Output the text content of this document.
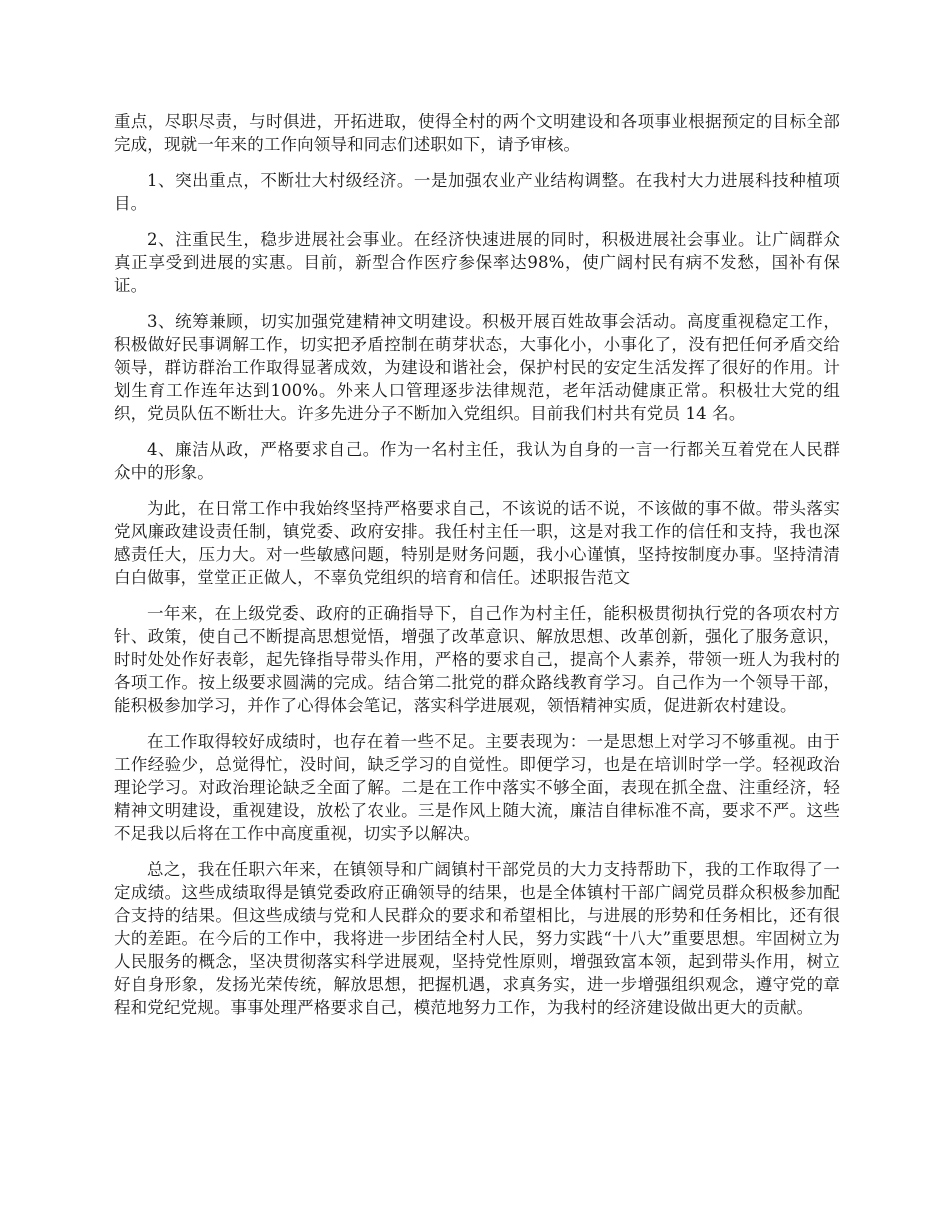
重点，尽职尽责，与时俱进，开拓进取，使得全村的两个文明建设和各项事业根据预定的目标全部完成，现就一年来的工作向领导和同志们述职如下，请予审核。

1、突出重点，不断壮大村级经济。一是加强农业产业结构调整。在我村大力进展科技种植项目。

2、注重民生，稳步进展社会事业。在经济快速进展的同时，积极进展社会事业。让广阔群众真正享受到进展的实惠。目前，新型合作医疗参保率达98%，使广阔村民有病不发愁，国补有保证。

3、统筹兼顾，切实加强党建精神文明建设。积极开展百姓故事会活动。高度重视稳定工作，积极做好民事调解工作，切实把矛盾控制在萌芽状态，大事化小，小事化了，没有把任何矛盾交给领导，群访群治工作取得显著成效，为建设和谐社会，保护村民的安定生活发挥了很好的作用。计划生育工作连年达到100%。外来人口管理逐步法律规范，老年活动健康正常。积极壮大党的组织，党员队伍不断壮大。许多先进分子不断加入党组织。目前我们村共有党员 14 名。

4、廉洁从政，严格要求自己。作为一名村主任，我认为自身的一言一行都关互着党在人民群众中的形象。

为此，在日常工作中我始终坚持严格要求自己，不该说的话不说，不该做的事不做。带头落实党风廉政建设责任制，镇党委、政府安排。我任村主任一职，这是对我工作的信任和支持，我也深感责任大，压力大。对一些敏感问题，特别是财务问题，我小心谨慎，坚持按制度办事。坚持清清白白做事，堂堂正正做人，不辜负党组织的培育和信任。述职报告范文

一年来，在上级党委、政府的正确指导下，自己作为村主任，能积极贯彻执行党的各项农村方针、政策，使自己不断提高思想觉悟，增强了改革意识、解放思想、改革创新，强化了服务意识，时时处处作好表彰，起先锋指导带头作用，严格的要求自己，提高个人素养，带领一班人为我村的各项工作。按上级要求圆满的完成。结合第二批党的群众路线教育学习。自己作为一个领导干部，能积极参加学习，并作了心得体会笔记，落实科学进展观，领悟精神实质，促进新农村建设。

在工作取得较好成绩时，也存在着一些不足。主要表现为：一是思想上对学习不够重视。由于工作经验少，总觉得忙，没时间，缺乏学习的自觉性。即便学习，也是在培训时学一学。轻视政治理论学习。对政治理论缺乏全面了解。二是在工作中落实不够全面，表现在抓全盘、注重经济，轻精神文明建设，重视建设，放松了农业。三是作风上随大流，廉洁自律标准不高，要求不严。这些不足我以后将在工作中高度重视，切实予以解决。

总之，我在任职六年来，在镇领导和广阔镇村干部党员的大力支持帮助下，我的工作取得了一定成绩。这些成绩取得是镇党委政府正确领导的结果，也是全体镇村干部广阔党员群众积极参加配合支持的结果。但这些成绩与党和人民群众的要求和希望相比，与进展的形势和任务相比，还有很大的差距。在今后的工作中，我将进一步团结全村人民，努力实践“十八大”重要思想。牢固树立为人民服务的概念，坚决贯彻落实科学进展观，坚持党性原则，增强致富本领，起到带头作用，树立好自身形象，发扬光荣传统，解放思想，把握机遇，求真务实，进一步增强组织观念，遵守党的章程和党纪党规。事事处理严格要求自己，模范地努力工作，为我村的经济建设做出更大的贡献。
